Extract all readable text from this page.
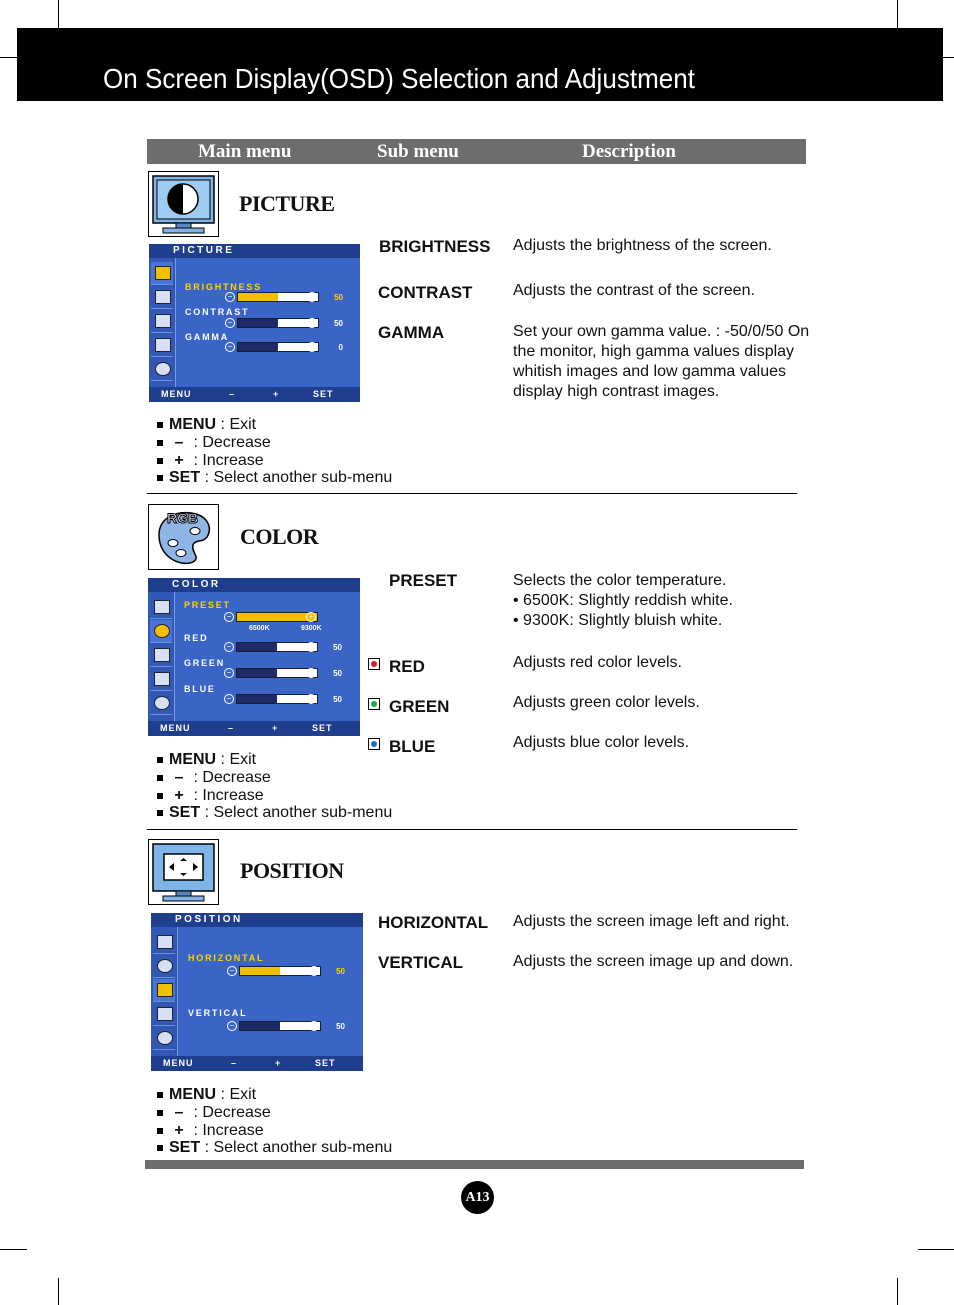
On Screen Display(OSD) Selection and Adjustment
Main menu	Sub menu	Description
PICTURE
PICTURE
BRIGHTNESS
−	+	50
CONTRAST
−	+	50
GAMMA
−	+	0
MENU	–	+	SET
MENU : Exit
– : Decrease
+ : Increase
SET : Select another sub-menu
BRIGHTNESS Adjusts the brightness of the screen.
CONTRAST	Adjusts the contrast of the screen.
GAMMA	Set your own gamma value. : -50/0/50 On the monitor, high gamma values display whitish images and low gamma values display high contrast images.
RGB
COLOR
COLOR
PRESET
−	+
6500K	9300K
RED
−	+	50
GREEN
−	+	50
BLUE
−	+	50
MENU	–	+	SET
MENU : Exit
– : Decrease
+ : Increase
SET : Select another sub-menu
PRESET	Selects the color temperature.
• 6500K: Slightly reddish white.
• 9300K: Slightly bluish white.
RED	Adjusts red color levels.
GREEN	Adjusts green color levels.
BLUE	Adjusts blue color levels.
POSITION
POSITION
HORIZONTAL
−	+	50
VERTICAL
−	+	50
MENU	–	+	SET
MENU : Exit
– : Decrease
+ : Increase
SET : Select another sub-menu
HORIZONTAL Adjusts the screen image left and right.
VERTICAL	Adjusts the screen image up and down.
A13
